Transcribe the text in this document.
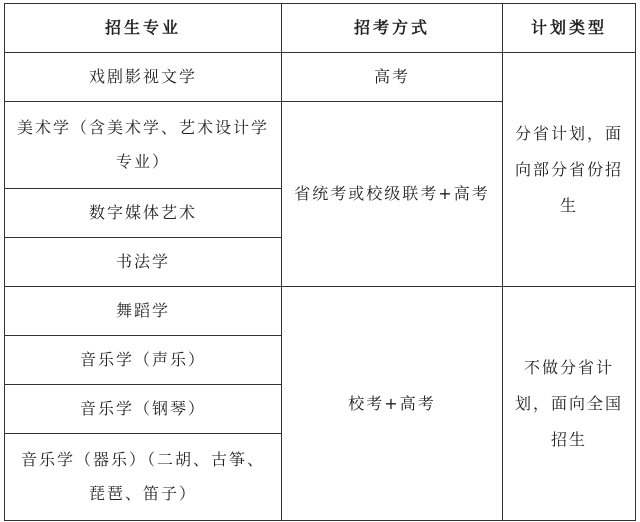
招生专业	招考方式	计划类型
戏剧影视文学	高考	分省计划，面向部分省份招生
美术学（含美术学、艺术设计学专业）	省统考或校级联考+高考	
数字媒体艺术		
书法学		
舞蹈学	校考+高考	不做分省计划，面向全国招生
音乐学（声乐）		
音乐学（钢琴）		
音乐学（器乐）（二胡、古筝、琵琶、笛子）		
